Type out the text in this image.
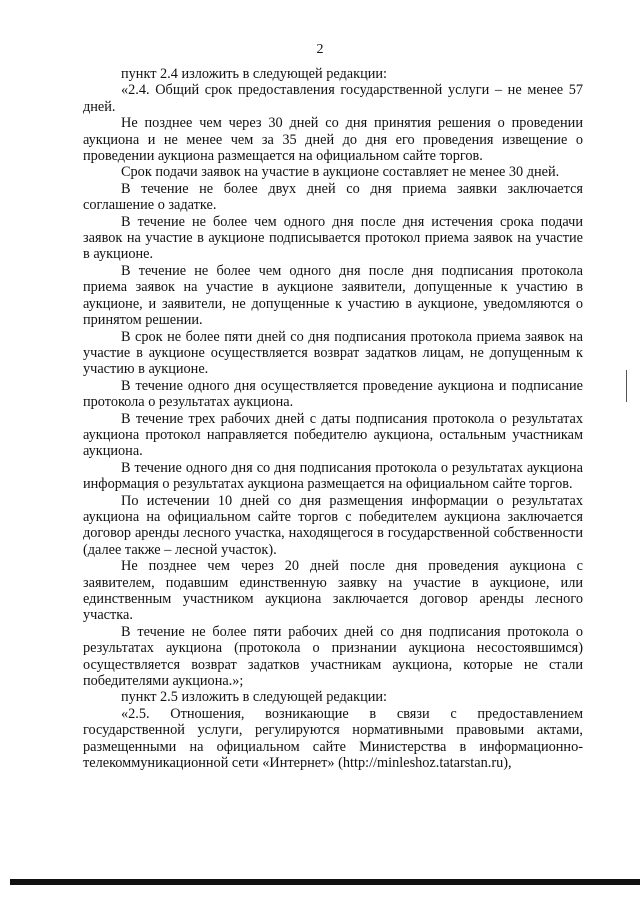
2

пункт 2.4 изложить в следующей редакции:

«2.4. Общий срок предоставления государственной услуги – не менее 57 дней.

Не позднее чем через 30 дней со дня принятия решения о проведении аукциона и не менее чем за 35 дней до дня его проведения извещение о проведении аукциона размещается на официальном сайте торгов.

Срок подачи заявок на участие в аукционе составляет не менее 30 дней.

В течение не более двух дней со дня приема заявки заключается соглашение о задатке.

В течение не более чем одного дня после дня истечения срока подачи заявок на участие в аукционе подписывается протокол приема заявок на участие в аукционе.

В течение не более чем одного дня после дня подписания протокола приема заявок на участие в аукционе заявители, допущенные к участию в аукционе, и заявители, не допущенные к участию в аукционе, уведомляются о принятом решении.

В срок не более пяти дней со дня подписания протокола приема заявок на участие в аукционе осуществляется возврат задатков лицам, не допущенным к участию в аукционе.

В течение одного дня осуществляется проведение аукциона и подписание протокола о результатах аукциона.

В течение трех рабочих дней с даты подписания протокола о результатах аукциона протокол направляется победителю аукциона, остальным участникам аукциона.

В течение одного дня со дня подписания протокола о результатах аукциона информация о результатах аукциона размещается на официальном сайте торгов.

По истечении 10 дней со дня размещения информации о результатах аукциона на официальном сайте торгов с победителем аукциона заключается договор аренды лесного участка, находящегося в государственной собственности (далее также – лесной участок).

Не позднее чем через 20 дней после дня проведения аукциона с заявителем, подавшим единственную заявку на участие в аукционе, или единственным участником аукциона заключается договор аренды лесного участка.

В течение не более пяти рабочих дней со дня подписания протокола о результатах аукциона (протокола о признании аукциона несостоявшимся) осуществляется возврат задатков участникам аукциона, которые не стали победителями аукциона.»;

пункт 2.5 изложить в следующей редакции:

«2.5. Отношения, возникающие в связи с предоставлением государственной услуги, регулируются нормативными правовыми актами, размещенными на официальном сайте Министерства в информационно-телекоммуникационной сети «Интернет» (http://minleshoz.tatarstan.ru),
